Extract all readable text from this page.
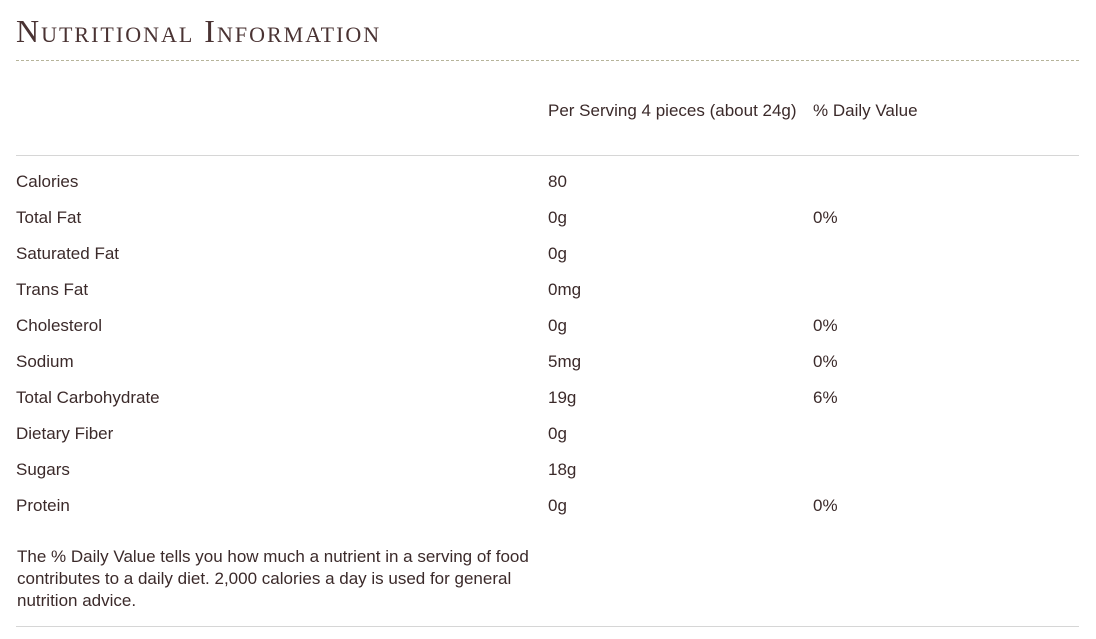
Nutritional Information
	Per Serving 4 pieces (about 24g)	% Daily Value

Calories	80	
Total Fat	0g	0%
Saturated Fat	0g	
Trans Fat	0mg	
Cholesterol	0g	0%
Sodium	5mg	0%
Total Carbohydrate	19g	6%
Dietary Fiber	0g	
Sugars	18g	
Protein	0g	0%

The % Daily Value tells you how much a nutrient in a serving of food contributes to a daily diet. 2,000 calories a day is used for general nutrition advice.		
